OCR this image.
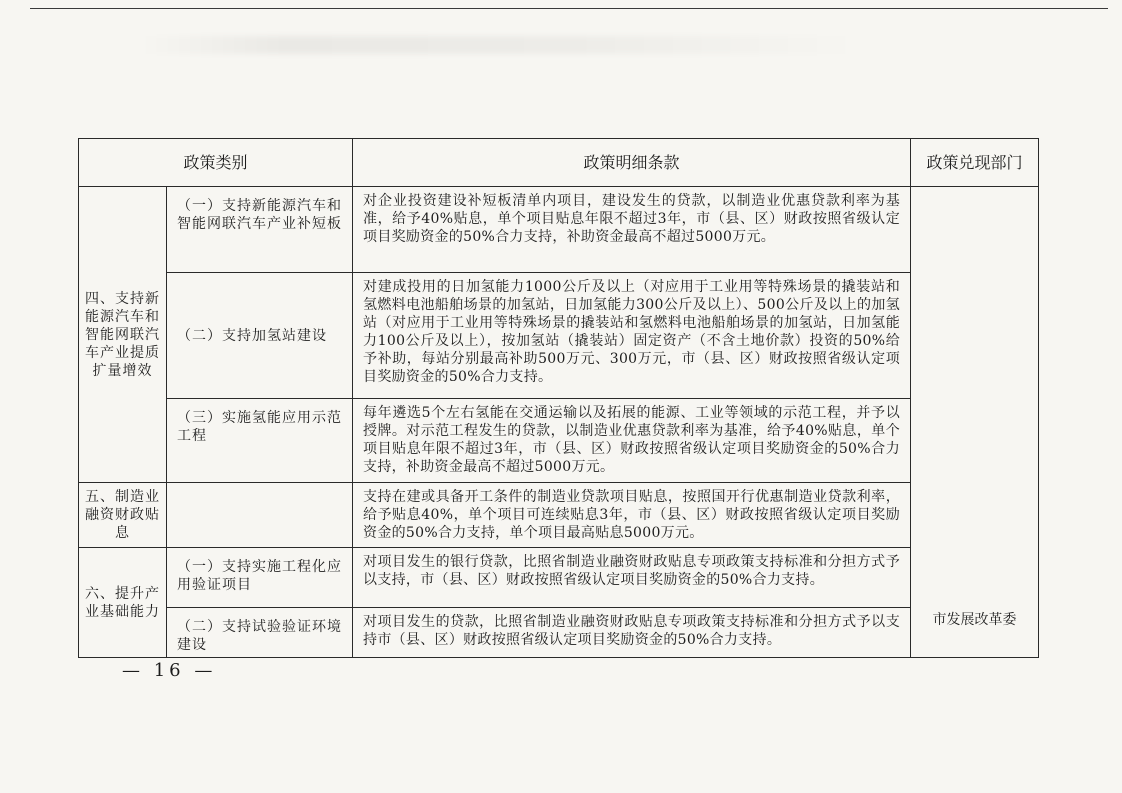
政策类别		政策明细条款	政策兑现部门
四、支持新能源汽车和智能网联汽车产业提质扩量增效	（一）支持新能源汽车和智能网联汽车产业补短板	对企业投资建设补短板清单内项目，建设发生的贷款，以制造业优惠贷款利率为基准，给予40%贴息，单个项目贴息年限不超过3年，市（县、区）财政按照省级认定项目奖励资金的50%合力支持，补助资金最高不超过5000万元。	市发展改革委
	（二）支持加氢站建设	对建成投用的日加氢能力1000公斤及以上（对应用于工业用等特殊场景的撬装站和氢燃料电池船舶场景的加氢站，日加氢能力300公斤及以上）、500公斤及以上的加氢站（对应用于工业用等特殊场景的撬装站和氢燃料电池船舶场景的加氢站，日加氢能力100公斤及以上），按加氢站（撬装站）固定资产（不含土地价款）投资的50%给予补助，每站分别最高补助500万元、300万元，市（县、区）财政按照省级认定项目奖励资金的50%合力支持。	
	（三）实施氢能应用示范工程	每年遴选5个左右氢能在交通运输以及拓展的能源、工业等领域的示范工程，并予以授牌。对示范工程发生的贷款，以制造业优惠贷款利率为基准，给予40%贴息，单个项目贴息年限不超过3年，市（县、区）财政按照省级认定项目奖励资金的50%合力支持，补助资金最高不超过5000万元。	
五、制造业融资财政贴息		支持在建或具备开工条件的制造业贷款项目贴息，按照国开行优惠制造业贷款利率，给予贴息40%，单个项目可连续贴息3年，市（县、区）财政按照省级认定项目奖励资金的50%合力支持，单个项目最高贴息5000万元。	
六、提升产业基础能力	（一）支持实施工程化应用验证项目	对项目发生的银行贷款，比照省制造业融资财政贴息专项政策支持标准和分担方式予以支持，市（县、区）财政按照省级认定项目奖励资金的50%合力支持。	
	（二）支持试验验证环境建设	对项目发生的贷款，比照省制造业融资财政贴息专项政策支持标准和分担方式予以支持市（县、区）财政按照省级认定项目奖励资金的50%合力支持。	
— 16 —
